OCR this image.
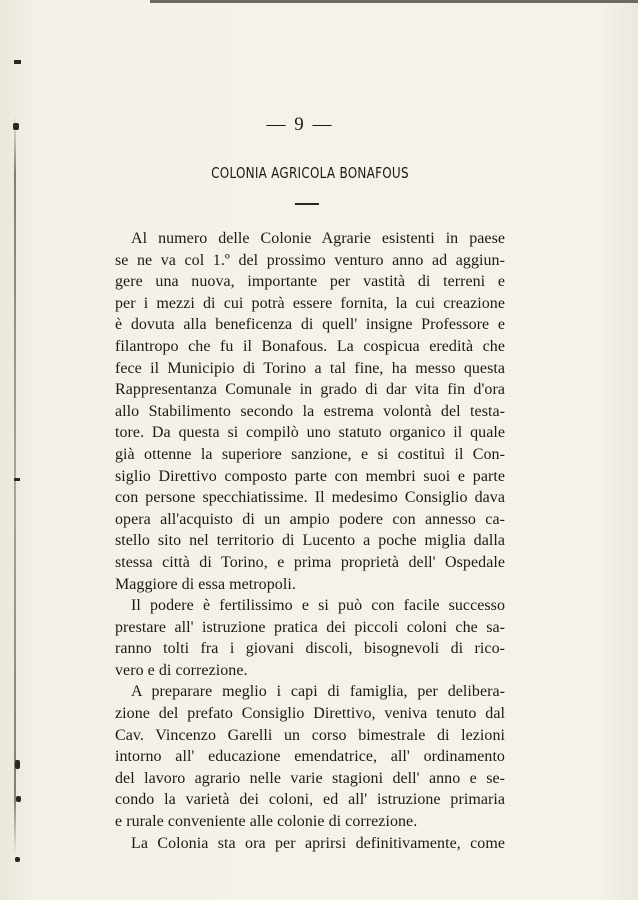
— 9 —
COLONIA AGRICOLA BONAFOUS
Al numero delle Colonie Agrarie esistenti in paese
se ne va col 1.º del prossimo venturo anno ad aggiun-
gere una nuova, importante per vastità di terreni e
per i mezzi di cui potrà essere fornita, la cui creazione
è dovuta alla beneficenza di quell' insigne Professore e
filantropo che fu il Bonafous. La cospicua eredità che
fece il Municipio di Torino a tal fine, ha messo questa
Rappresentanza Comunale in grado di dar vita fin d'ora
allo Stabilimento secondo la estrema volontà del testa-
tore. Da questa si compilò uno statuto organico il quale
già ottenne la superiore sanzione, e si costituì il Con-
siglio Direttivo composto parte con membri suoi e parte
con persone specchiatissime. Il medesimo Consiglio dava
opera all'acquisto di un ampio podere con annesso ca-
stello sito nel territorio di Lucento a poche miglia dalla
stessa città di Torino, e prima proprietà dell' Ospedale
Maggiore di essa metropoli.
Il podere è fertilissimo e si può con facile successo
prestare all' istruzione pratica dei piccoli coloni che sa-
ranno tolti fra i giovani discoli, bisognevoli di rico-
vero e di correzione.
A preparare meglio i capi di famiglia, per delibera-
zione del prefato Consiglio Direttivo, veniva tenuto dal
Cav. Vincenzo Garelli un corso bimestrale di lezioni
intorno all' educazione emendatrice, all' ordinamento
del lavoro agrario nelle varie stagioni dell' anno e se-
condo la varietà dei coloni, ed all' istruzione primaria
e rurale conveniente alle colonie di correzione.
La Colonia sta ora per aprirsi definitivamente, come
